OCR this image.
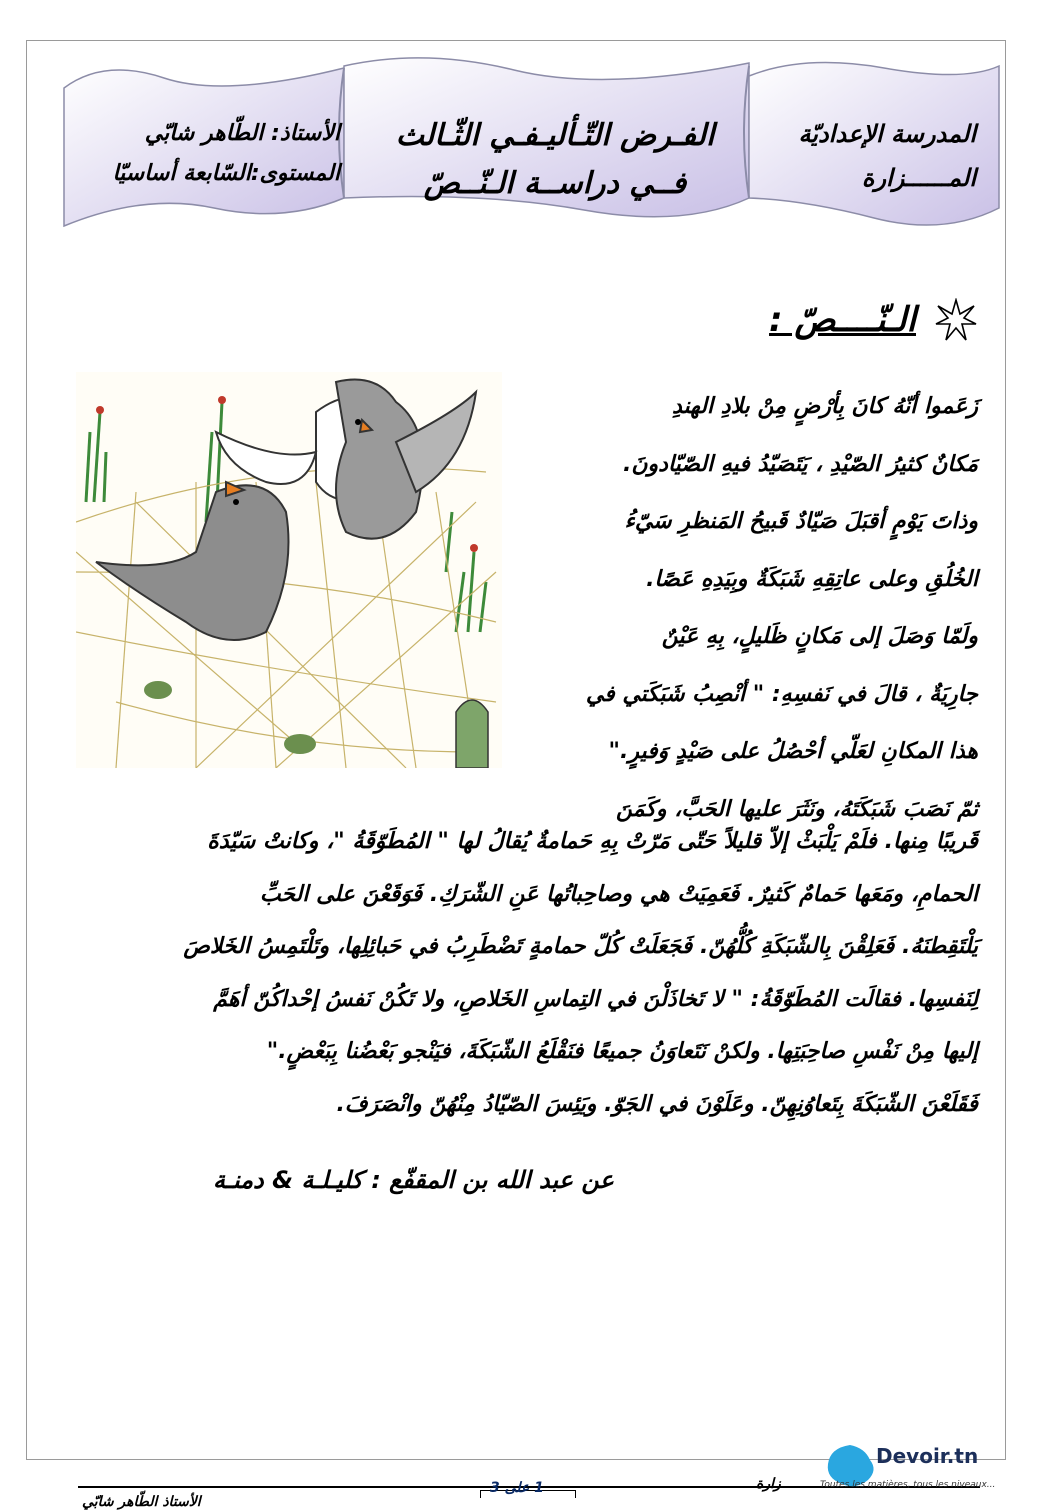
المدرسة الإعداديّة
المــــــزارة
الفـرض التّـأليـفـي الثّـالث
فــي دراســة الـنّــصّ
الأستاذ: الطّاهر شابّي
المستوى:السّابعة أساسيّا
الـنّــــصّ :
زَعَموا أنّهُ كانَ بِأرْضٍ مِنْ بلادِ الهندِ
مَكانٌ كثيرُ الصّيْدِ ، يَتَصَيّدُ فيهِ الصّيّادونَ.
وذاتَ يَوْمٍ أقبَلَ صَيّادٌ قَبيحُ المَنظرِ سَيّءُ
الخُلُقِ وعلى عاتِقِهِ شَبَكَةٌ وبِيَدِهِ عَصًا.
ولَمّا وَصَلَ إلى مَكانٍ ظَليلٍ، بِهِ عَيْنٌ
جارِيَةٌ ، قالَ في نَفسِهِ: " أنْصِبُ شَبَكَتي في
هذا المكانِ لعَلّي أحْصُلُ على صَيْدٍ وَفيرٍ."
ثمّ نَصَبَ شَبَكَتَهُ، ونَثَرَ عليها الحَبَّ، وكَمَنَ
قَريبًا مِنها. فلَمْ يَلْبَثْ إلاّ قليلاً حَتّى مَرّتْ بِهِ حَمامةٌ يُقالُ لها " المُطَوّقَةُ "، وكانتْ سَيّدَةَ
الحمامِ، ومَعَها حَمامٌ كَثيرٌ. فَعَمِيَتْ هي وصاحِباتُها عَنِ الشّرَكِ. فَوَقَعْنَ على الحَبِّ
يَلْتَقِطنَهُ. فَعَلِقْنَ بِالشّبَكَةِ كُلُّهُنّ. فَجَعَلَتْ كُلّ حمامةٍ تَضْطَرِبُ في حَبائِلِها، وتَلْتَمِسُ الخَلاصَ
لِنَفسِها. فقالَت المُطَوّقَةُ: " لا تَخاذَلْنَ في التِماسِ الخَلاصِ، ولا تَكُنْ نَفسُ إحْداكُنّ أهَمَّ
إليها مِنْ نَفْسِ صاحِبَتِها. ولكنْ نَتَعاوَنُ جميعًا فنَقْلَعُ الشّبَكَةَ، فيَنْجو بَعْضُنا بِبَعْضٍ."
فَقَلَعْنَ الشّبَكَةَ بِتَعاوُنِهِنّ. وعَلَوْنَ في الجَوّ. ويَئِسَ الصّيّادُ مِنْهُنّ وانْصَرَفَ.
عن عبد الله بن المقفّع : كليـلـة & دمنـة
الأستاذ الطّاهر شابّي
1 على 3	زارة
Devoir.tn
Toutes les matières, tous les niveaux...
